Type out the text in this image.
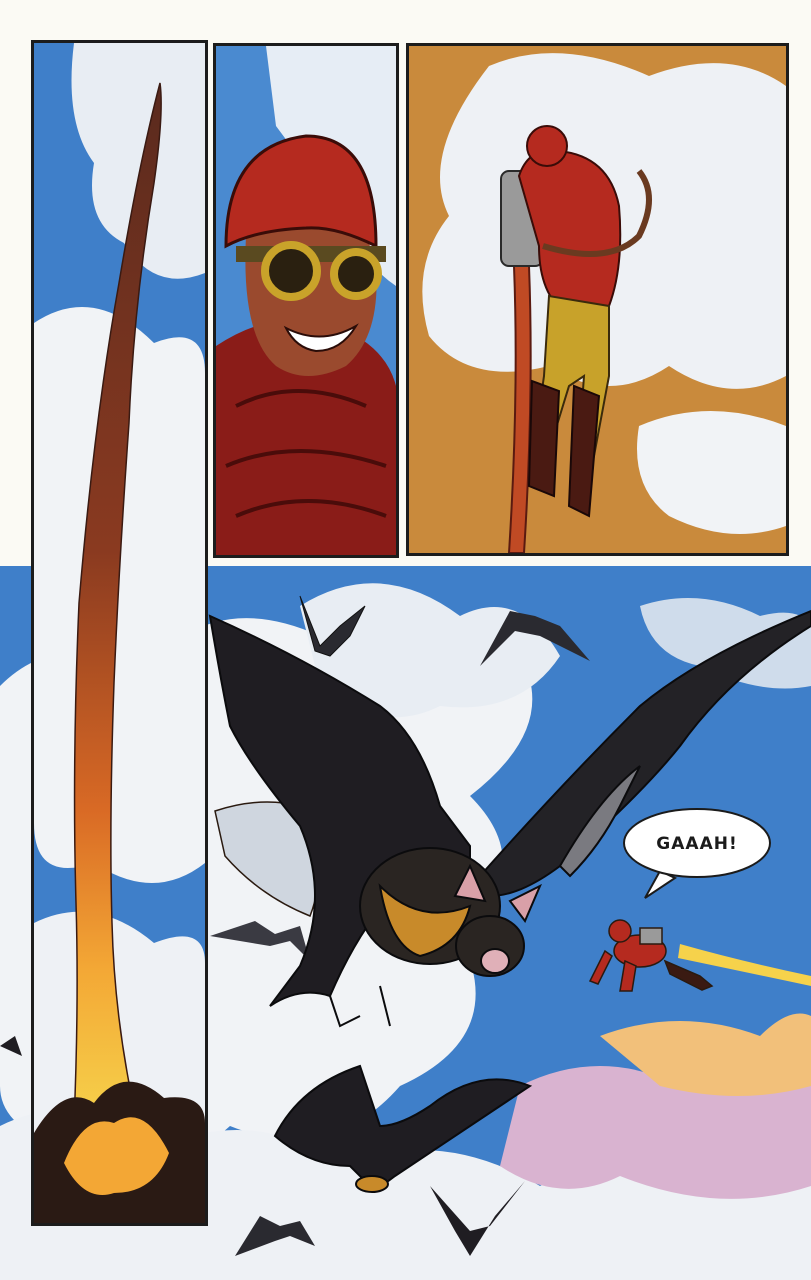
GAAAH!
